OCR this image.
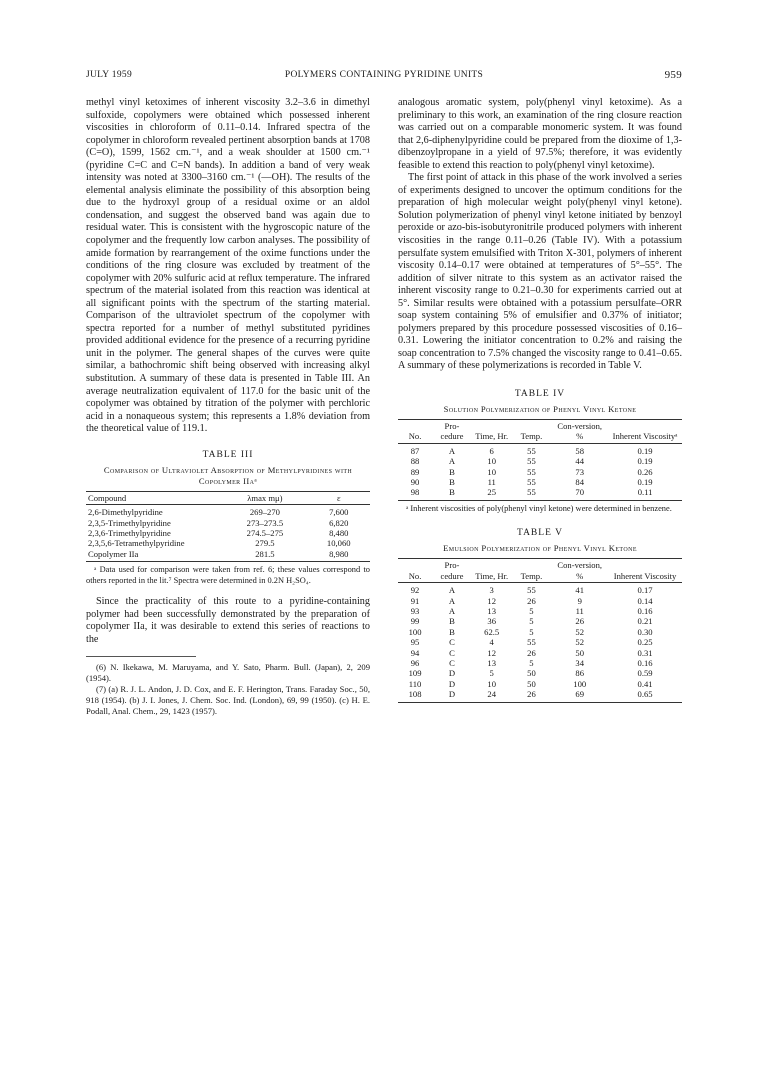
JULY 1959	POLYMERS CONTAINING PYRIDINE UNITS	959

methyl vinyl ketoximes of inherent viscosity 3.2–3.6 in dimethyl sulfoxide, copolymers were obtained which possessed inherent viscosities in chloroform of 0.11–0.14. Infrared spectra of the copolymer in chloroform revealed pertinent absorption bands at 1708 (C=O), 1599, 1562 cm.⁻¹, and a weak shoulder at 1500 cm.⁻¹ (pyridine C=C and C=N bands). In addition a band of very weak intensity was noted at 3300–3160 cm.⁻¹ (—OH). The results of the elemental analysis eliminate the possibility of this absorption being due to the hydroxyl group of a residual oxime or an aldol condensation, and suggest the observed band was again due to residual water. This is consistent with the hygroscopic nature of the copolymer and the frequently low carbon analyses. The possibility of amide formation by rearrangement of the oxime functions under the conditions of the ring closure was excluded by treatment of the copolymer with 20% sulfuric acid at reflux temperature. The infrared spectrum of the material isolated from this reaction was identical at all significant points with the spectrum of the starting material. Comparison of the ultraviolet spectrum of the copolymer with spectra reported for a number of methyl substituted pyridines provided additional evidence for the presence of a recurring pyridine unit in the polymer. The general shapes of the curves were quite similar, a bathochromic shift being observed with increasing alkyl substitution. A summary of these data is presented in Table III. An average neutralization equivalent of 117.0 for the basic unit of the copolymer was obtained by titration of the polymer with perchloric acid in a nonaqueous system; this represents a 1.8% deviation from the theoretical value of 119.1.

TABLE III

Comparison of Ultraviolet Absorption of Methylpyridines with Copolymer IIaᵃ

Compound	λmax mμ)	ε
2,6-Dimethylpyridine	269–270	7,600
2,3,5-Trimethylpyridine	273–273.5	6,820
2,3,6-Trimethylpyridine	274.5–275	8,480
2,3,5,6-Tetramethylpyridine	279.5	10,060
Copolymer IIa	281.5	8,980

ᵃ Data used for comparison were taken from ref. 6; these values correspond to others reported in the lit.⁷ Spectra were determined in 0.2N H₂SO₄.

Since the practicality of this route to a pyridine-containing polymer had been successfully demonstrated by the preparation of copolymer IIa, it was desirable to extend this series of reactions to the

(6) N. Ikekawa, M. Maruyama, and Y. Sato, Pharm. Bull. (Japan), 2, 209 (1954).

(7) (a) R. J. L. Andon, J. D. Cox, and E. F. Herington, Trans. Faraday Soc., 50, 918 (1954). (b) J. I. Jones, J. Chem. Soc. Ind. (London), 69, 99 (1950). (c) H. E. Podall, Anal. Chem., 29, 1423 (1957).

analogous aromatic system, poly(phenyl vinyl ketoxime). As a preliminary to this work, an examination of the ring closure reaction was carried out on a comparable monomeric system. It was found that 2,6-diphenylpyridine could be prepared from the dioxime of 1,3-dibenzoylpropane in a yield of 97.5%; therefore, it was evidently feasible to extend this reaction to poly(phenyl vinyl ketoxime).

The first point of attack in this phase of the work involved a series of experiments designed to uncover the optimum conditions for the preparation of high molecular weight poly(phenyl vinyl ketone). Solution polymerization of phenyl vinyl ketone initiated by benzoyl peroxide or azo-bis-isobutyronitrile produced polymers with inherent viscosities in the range 0.11–0.26 (Table IV). With a potassium persulfate system emulsified with Triton X-301, polymers of inherent viscosity 0.14–0.17 were obtained at temperatures of 5°–55°. The addition of silver nitrate to this system as an activator raised the inherent viscosity range to 0.21–0.30 for experiments carried out at 5°. Similar results were obtained with a potassium persulfate–ORR soap system containing 5% of emulsifier and 0.37% of initiator; polymers prepared by this procedure possessed viscosities of 0.16–0.31. Lowering the initiator concentration to 0.2% and raising the soap concentration to 7.5% changed the viscosity range to 0.41–0.65. A summary of these polymerizations is recorded in Table V.

TABLE IV

Solution Polymerization of Phenyl Vinyl Ketone

No.	Pro-cedure	Time, Hr.	Temp.	Con-version, %	Inherent Viscosityᵃ
87	A	6	55	58	0.19
88	A	10	55	44	0.19
89	B	10	55	73	0.26
90	B	11	55	84	0.19
98	B	25	55	70	0.11

ᵃ Inherent viscosities of poly(phenyl vinyl ketone) were determined in benzene.

TABLE V

Emulsion Polymerization of Phenyl Vinyl Ketone

No.	Pro-cedure	Time, Hr.	Temp.	Con-version, %	Inherent Viscosity
92	A	3	55	41	0.17
91	A	12	26	9	0.14
93	A	13	5	11	0.16
99	B	36	5	26	0.21
100	B	62.5	5	52	0.30
95	C	4	55	52	0.25
94	C	12	26	50	0.31
96	C	13	5	34	0.16
109	D	5	50	86	0.59
110	D	10	50	100	0.41
108	D	24	26	69	0.65
